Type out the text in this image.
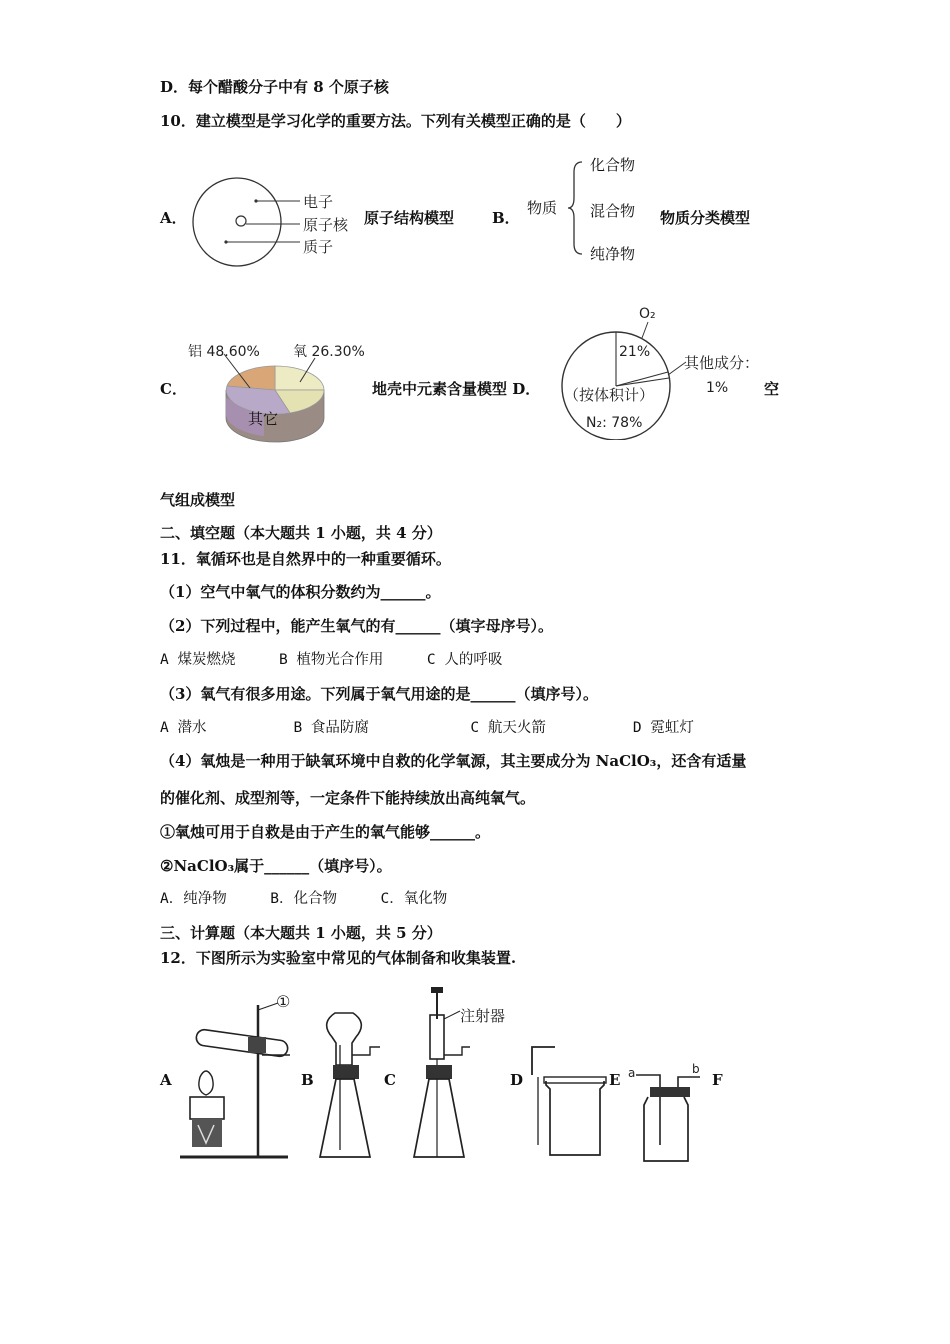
D．每个醋酸分子中有 8 个原子核
10．建立模型是学习化学的重要方法。下列有关模型正确的是（　　）
A．
电子
原子核
质子
原子结构模型	B．
物质
化合物
混合物
纯净物
物质分类模型
C．
铝 48.60% 氧 26.30%
其它
地壳中元素含量模型 D．
O₂
21%
其他成分：
1%
（按体积计）
N₂: 78%
空
气组成模型
二、填空题（本大题共 1 小题，共 4 分）
11．氧循环也是自然界中的一种重要循环。
（1）空气中氧气的体积分数约为______。
（2）下列过程中，能产生氧气的有______（填字母序号）。
A 煤炭燃烧　　　B 植物光合作用　　　C 人的呼吸
（3）氧气有很多用途。下列属于氧气用途的是______（填序号）。
A 潜水　　　　　　B 食品防腐　　　　　　　C 航天火箭　　　　　　D 霓虹灯
（4）氧烛是一种用于缺氧环境中自救的化学氧源，其主要成分为 NaClO₃，还含有适量
的催化剂、成型剂等，一定条件下能持续放出高纯氧气。
①氧烛可用于自救是由于产生的氧气能够______。
②NaClO₃属于______（填序号）。
A．纯净物　　　B．化合物　　　C．氧化物
三、计算题（本大题共 1 小题，共 5 分）
12．下图所示为实验室中常见的气体制备和收集装置.
A	B	C	D	E	F
①
注射器
a	b
